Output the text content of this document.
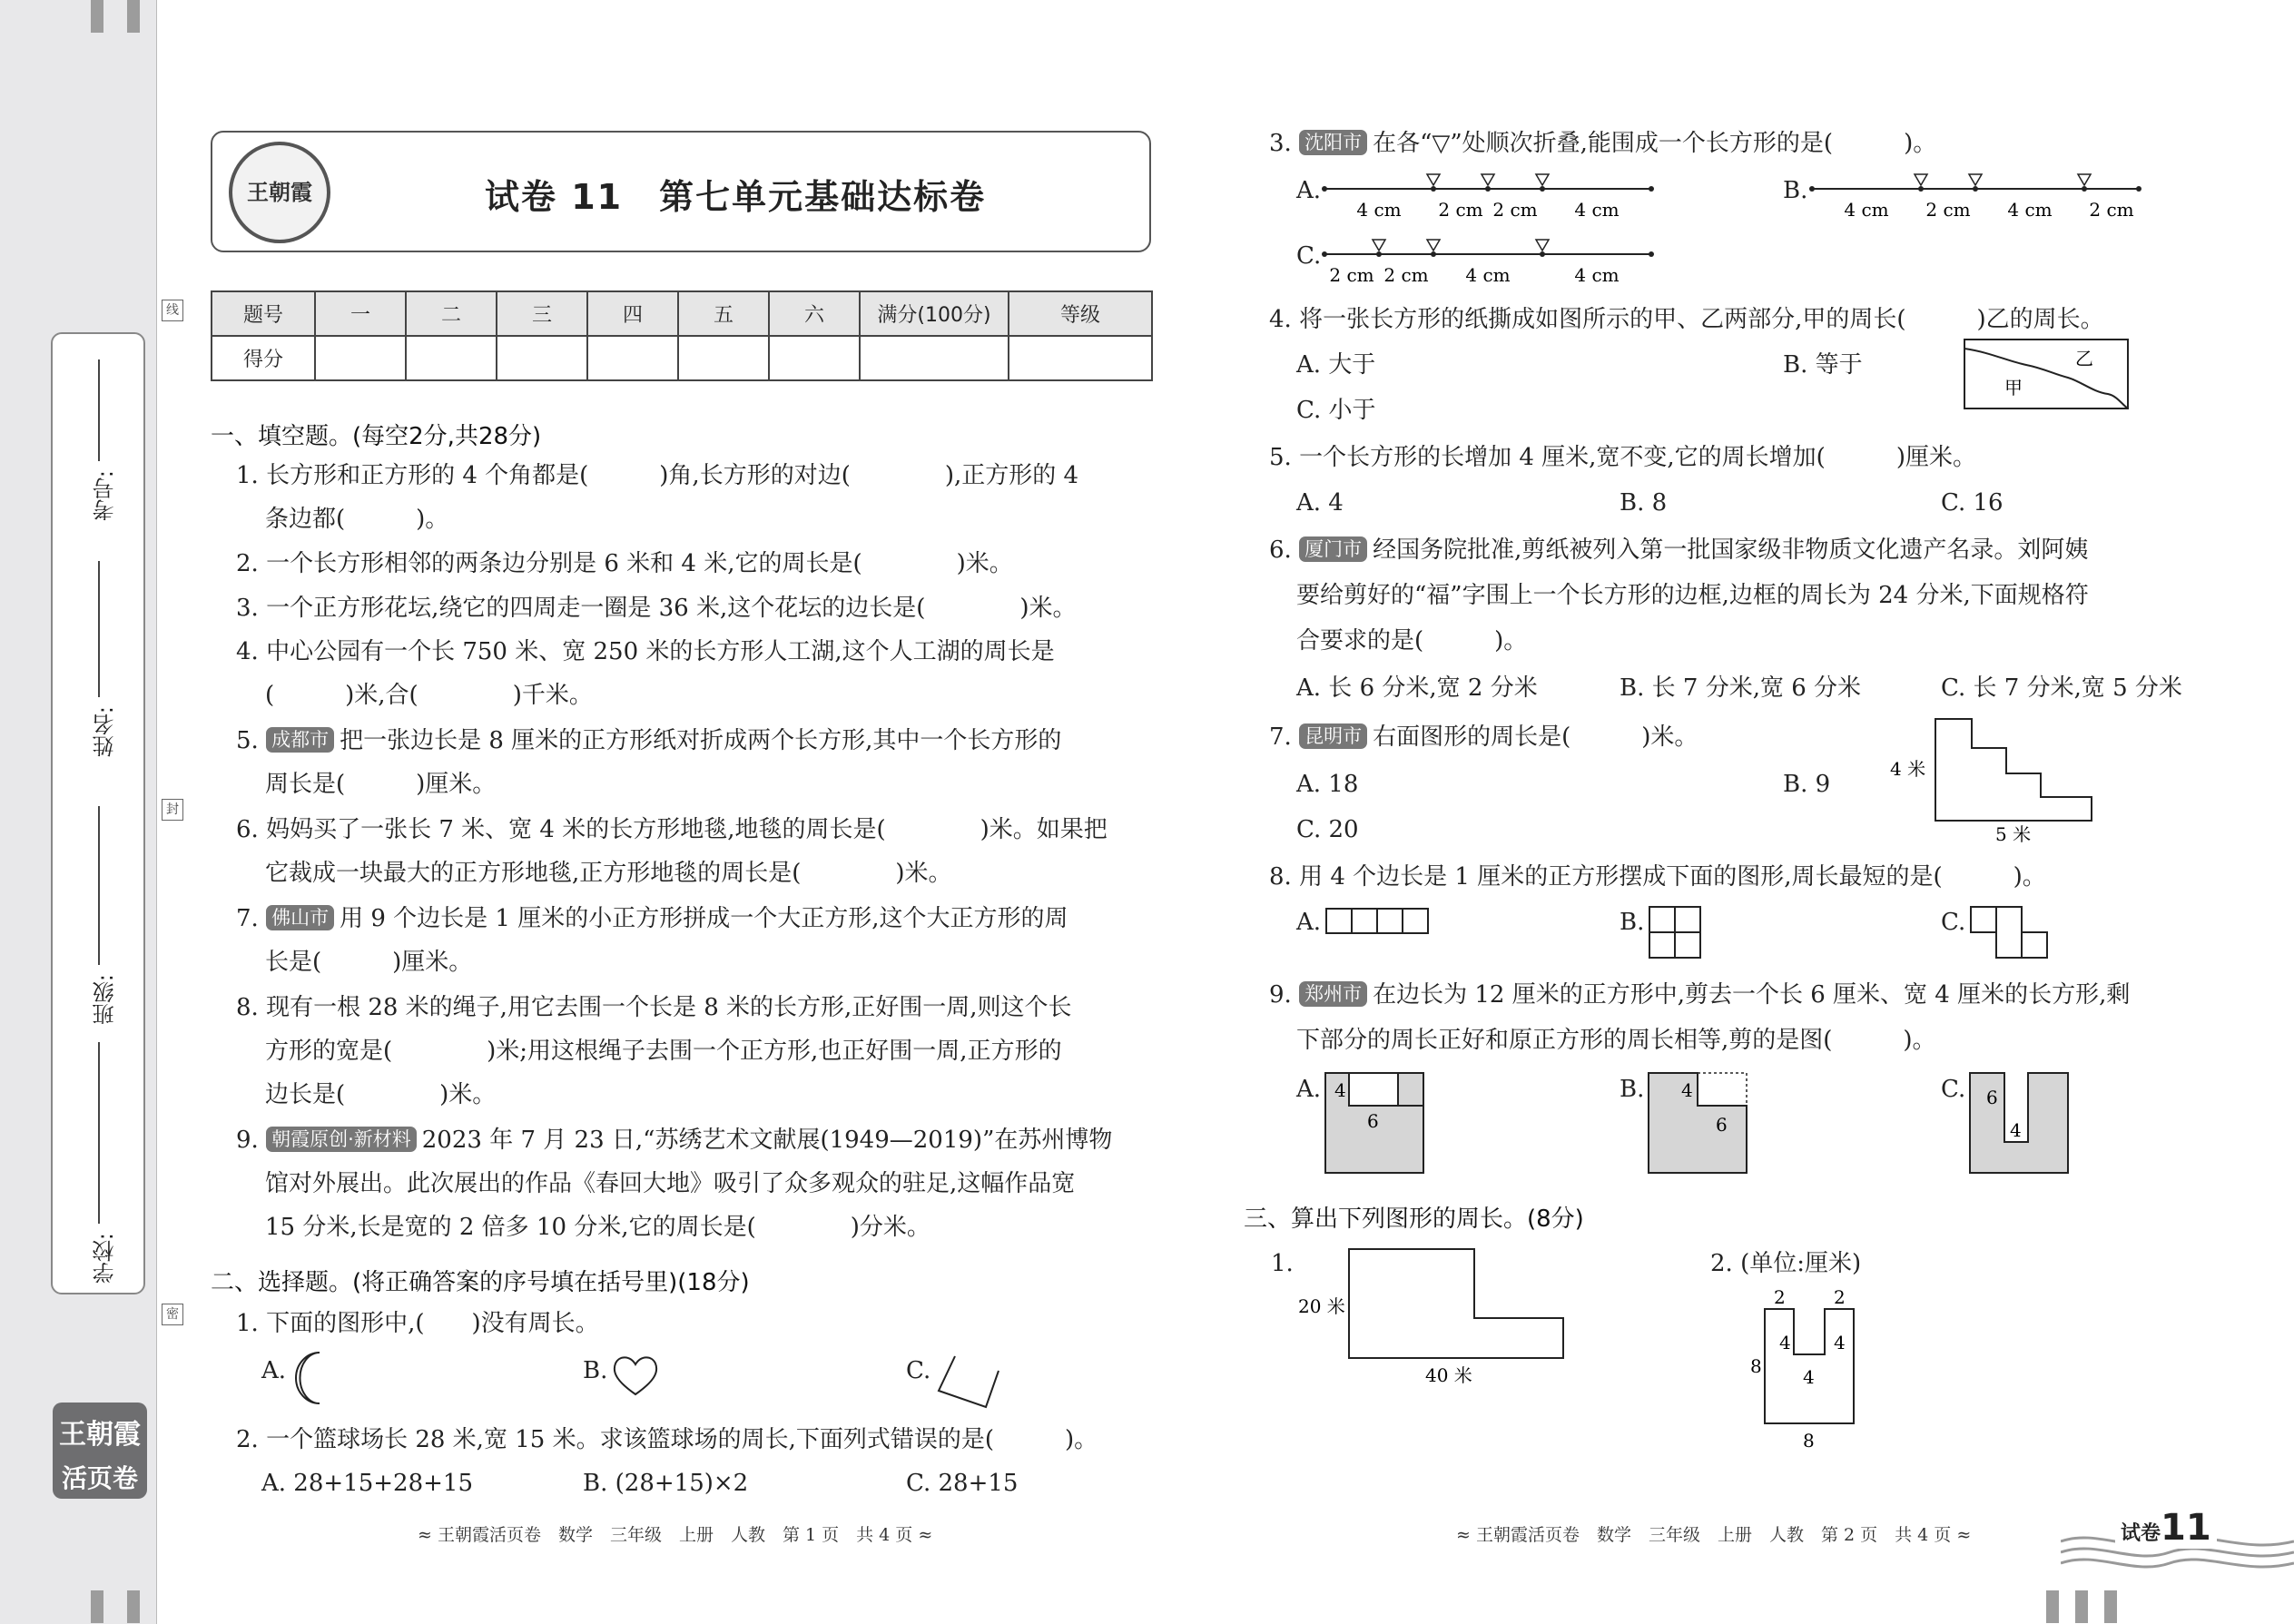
学校:
班级:
姓名:
考号:
线
封
密
王朝霞
活页卷
王朝霞	试卷 11　第七单元基础达标卷
题号	一	二	三	四	五	六	满分(100分)	等级
得分								
一、填空题。(每空2分,共28分)
1. 长方形和正方形的 4 个角都是(　　　)角,长方形的对边(　　　　),正方形的 4
条边都(　　　)。
2. 一个长方形相邻的两条边分别是 6 米和 4 米,它的周长是(　　　　)米。
3. 一个正方形花坛,绕它的四周走一圈是 36 米,这个花坛的边长是(　　　　)米。
4. 中心公园有一个长 750 米、宽 250 米的长方形人工湖,这个人工湖的周长是
(　　　)米,合(　　　　)千米。
5. 成都市 把一张边长是 8 厘米的正方形纸对折成两个长方形,其中一个长方形的
周长是(　　　)厘米。
6. 妈妈买了一张长 7 米、宽 4 米的长方形地毯,地毯的周长是(　　　　)米。如果把
它裁成一块最大的正方形地毯,正方形地毯的周长是(　　　　)米。
7. 佛山市 用 9 个边长是 1 厘米的小正方形拼成一个大正方形,这个大正方形的周
长是(　　　)厘米。
8. 现有一根 28 米的绳子,用它去围一个长是 8 米的长方形,正好围一周,则这个长
方形的宽是(　　　　)米;用这根绳子去围一个正方形,也正好围一周,正方形的
边长是(　　　　)米。
9. 朝霞原创·新材料 2023 年 7 月 23 日,“苏绣艺术文献展(1949—2019)”在苏州博物
馆对外展出。此次展出的作品《春回大地》吸引了众多观众的驻足,这幅作品宽
15 分米,长是宽的 2 倍多 10 分米,它的周长是(　　　　)分米。
二、选择题。(将正确答案的序号填在括号里)(18分)
1. 下面的图形中,(　　)没有周长。
A.	B.	C.
2. 一个篮球场长 28 米,宽 15 米。求该篮球场的周长,下面列式错误的是(　　　)。
A. 28+15+28+15	B. (28+15)×2	C. 28+15
≈ 王朝霞活页卷　数学　三年级　上册　人教　第 1 页　共 4 页 ≈
3. 沈阳市 在各“▽”处顺次折叠,能围成一个长方形的是(　　　)。
A.
4 cm 2 cm 2 cm 4 cm
B.
4 cm 2 cm 4 cm 2 cm
C.
2 cm 2 cm 4 cm	4 cm
4. 将一张长方形的纸撕成如图所示的甲、乙两部分,甲的周长(　　　)乙的周长。
A. 大于	B. 等于
C. 小于
甲
乙
5. 一个长方形的长增加 4 厘米,宽不变,它的周长增加(　　　)厘米。
A. 4	B. 8	C. 16
6. 厦门市 经国务院批准,剪纸被列入第一批国家级非物质文化遗产名录。刘阿姨
要给剪好的“福”字围上一个长方形的边框,边框的周长为 24 分米,下面规格符
合要求的是(　　　)。
A. 长 6 分米,宽 2 分米	B. 长 7 分米,宽 6 分米	C. 长 7 分米,宽 5 分米
7. 昆明市 右面图形的周长是(　　　)米。
A. 18	B. 9
C. 20
4 米
5 米
8. 用 4 个边长是 1 厘米的正方形摆成下面的图形,周长最短的是(　　　)。
A.	B.	C.
9. 郑州市 在边长为 12 厘米的正方形中,剪去一个长 6 厘米、宽 4 厘米的长方形,剩
下部分的周长正好和原正方形的周长相等,剪的是图(　　　)。
A. 4
6
B. 4
6
C. 6
4
三、算出下列图形的周长。(8分)
1.
20 米
40 米
2. (单位:厘米)
2	2
4 4
4
8
8
≈ 王朝霞活页卷　数学　三年级　上册　人教　第 2 页　共 4 页 ≈	试卷11
